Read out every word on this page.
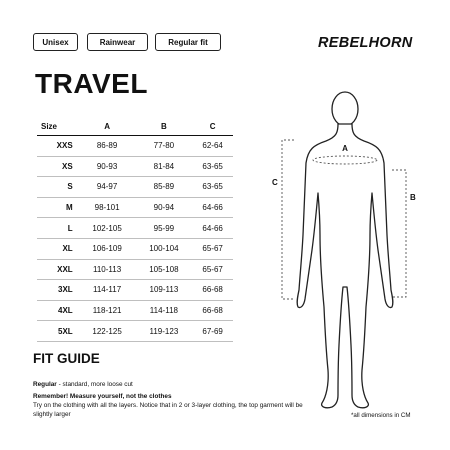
Unisex	Rainwear	Regular fit	REBELHORN
TRAVEL
Size	A	B	C
XXS	86-89	77-80	62-64
XS	90-93	81-84	63-65
S	94-97	85-89	63-65
M	98-101	90-94	64-66
L	102-105	95-99	64-66
XL	106-109	100-104	65-67
XXL	110-113	105-108	65-67
3XL	114-117	109-113	66-68
4XL	118-121	114-118	66-68
5XL	122-125	119-123	67-69
A
B
C
FIT GUIDE
Regular - standard, more loose cut
Remember! Measure yourself, not the clothes
Try on the clothing with all the layers. Notice that in 2 or 3-layer clothing, the top garment will be slightly larger	*all dimensions in CM
